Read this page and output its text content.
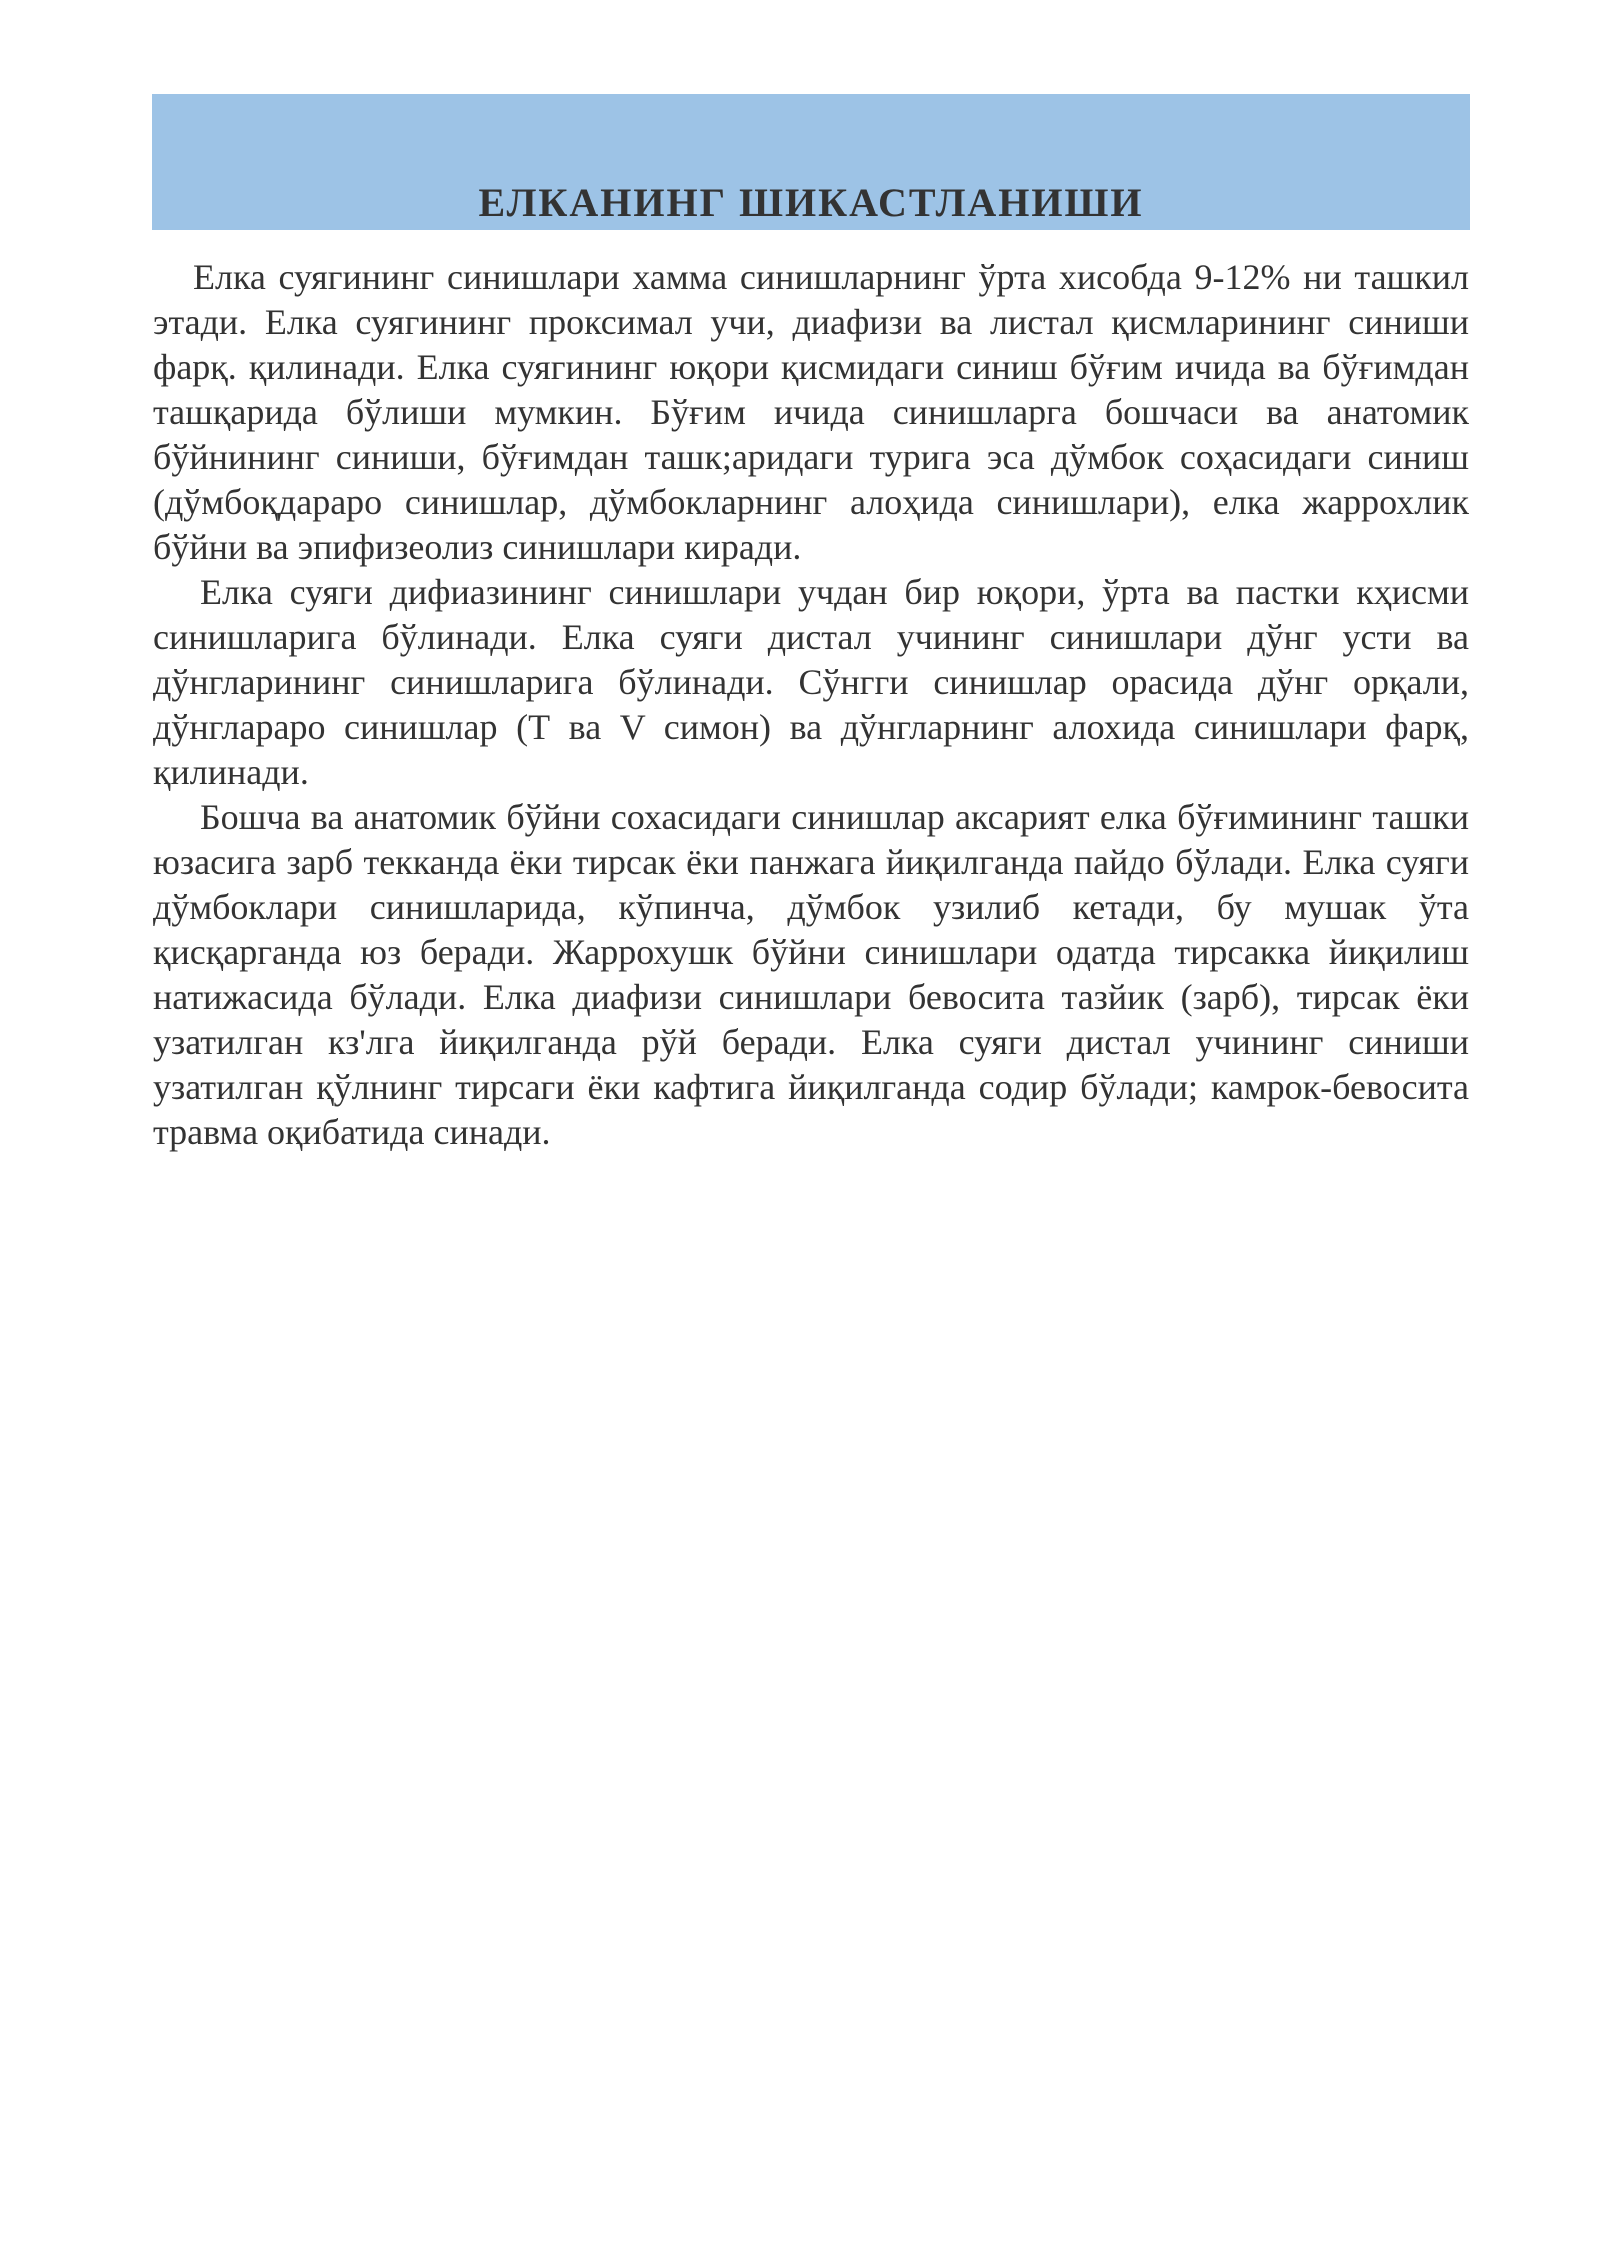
ЕЛКАНИНГ ШИКАСТЛАНИШИ

Елка суягининг синишлари хамма синишларнинг ўрта хисобда 9-12% ни ташкил этади. Елка суягининг проксимал учи, диафизи ва листал қисмларининг синиши фарқ. қилинади. Елка суягининг юқори қисмидаги синиш бўғим ичида ва бўғимдан ташқарида бўлиши мумкин. Бўғим ичида синишларга бошчаси ва анатомик бўйнининг синиши, бўғимдан ташк;аридаги турига эса дўмбок соҳасидаги синиш (дўмбоқдараро синишлар, дўмбокларнинг алоҳида синишлари), елка жаррохлик бўйни ва эпифизеолиз синишлари киради.

Елка суяги дифиазининг синишлари учдан бир юқори, ўрта ва пастки кҳисми синишларига бўлинади. Елка суяги дистал учининг синишлари дўнг усти ва дўнгларининг синишларига бўлинади. Сўнгги синишлар орасида дўнг орқали, дўнглараро синишлар (Т ва V симон) ва дўнгларнинг алохида синишлари фарқ, қилинади.

Бошча ва анатомик бўйни сохасидаги синишлар аксарият елка бўғимининг ташки юзасига зарб текканда ёки тирсак ёки панжага йиқилганда пайдо бўлади. Елка суяги дўмбоклари синишларида, кўпинча, дўмбок узилиб кетади, бу мушак ўта қисқарганда юз беради. Жаррохушк бўйни синишлари одатда тирсакка йиқилиш натижасида бўлади. Елка диафизи синишлари бевосита тазйик (зарб), тирсак ёки узатилган кз'лга йиқилганда рўй беради. Елка суяги дистал учининг синиши узатилган қўлнинг тирсаги ёки кафтига йиқилганда содир бўлади; камрок-бевосита травма оқибатида синади.
